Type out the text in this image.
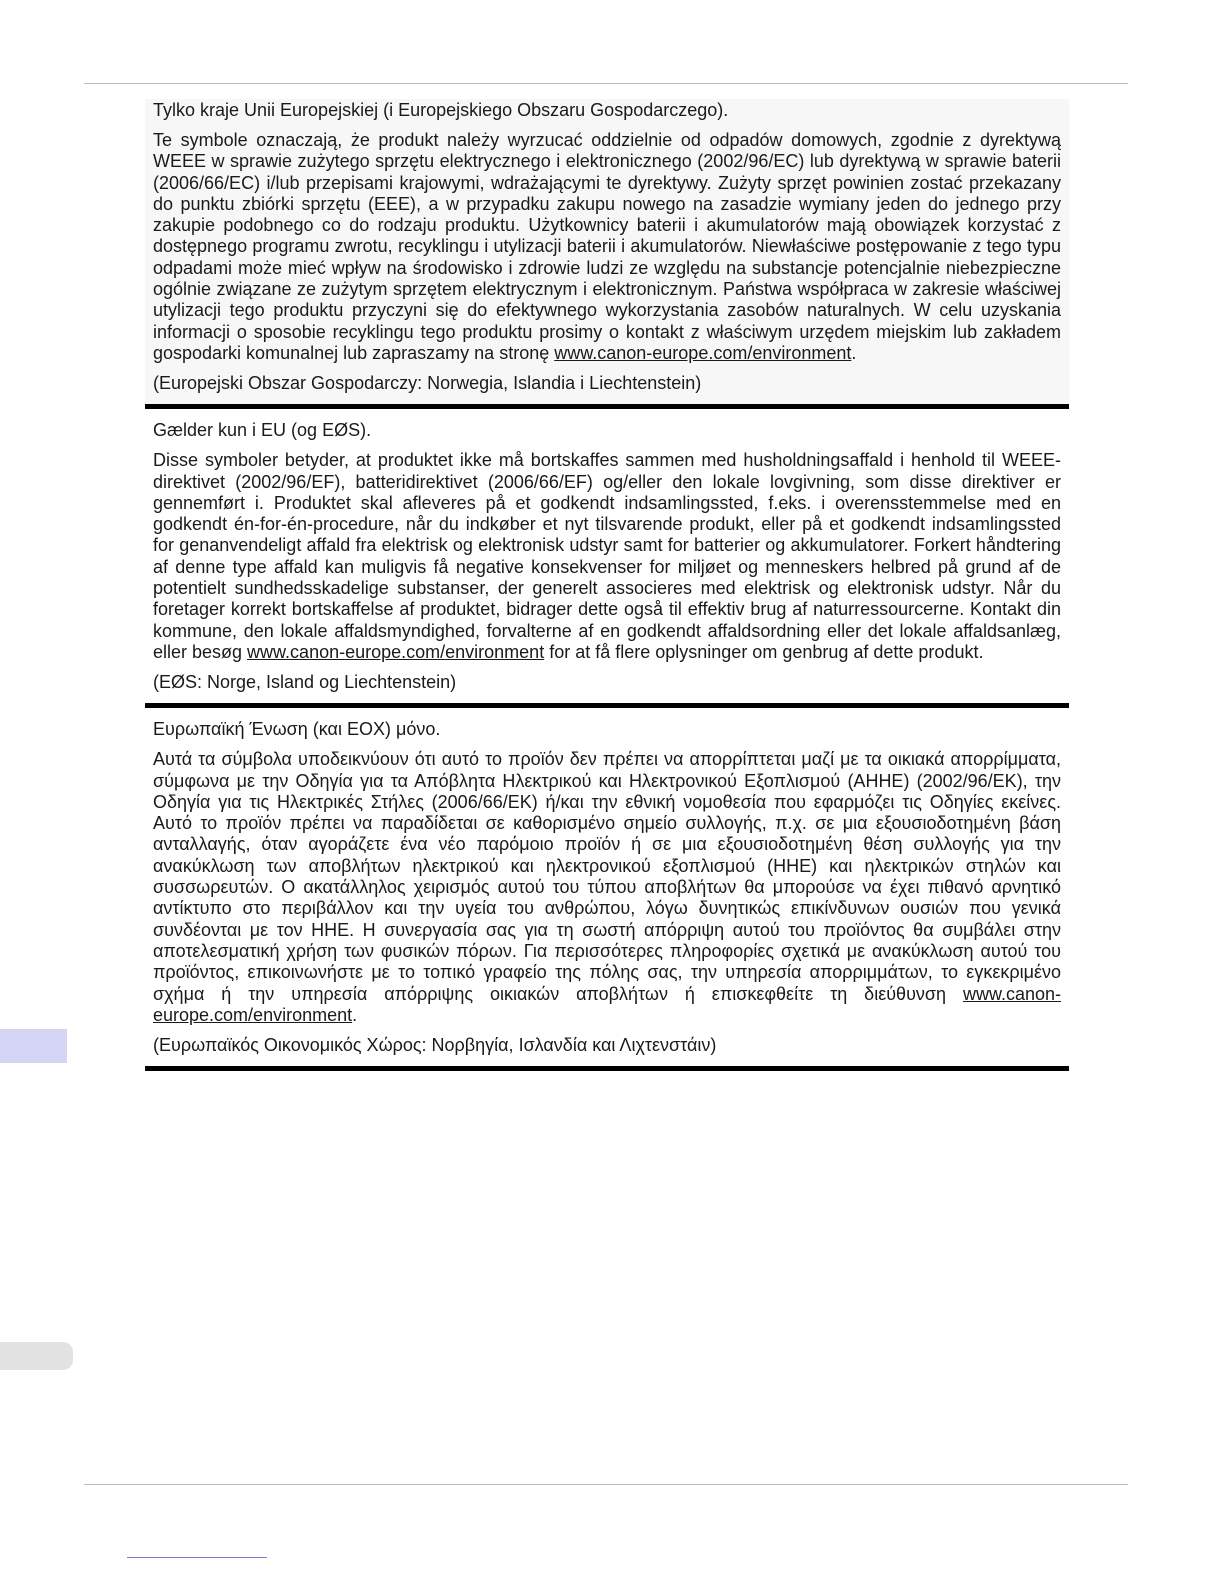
Tylko kraje Unii Europejskiej (i Europejskiego Obszaru Gospodarczego).

Te symbole oznaczają, że produkt należy wyrzucać oddzielnie od odpadów domowych, zgodnie z dyrektywą WEEE w sprawie zużytego sprzętu elektrycznego i elektronicznego (2002/96/EC) lub dyrektywą w sprawie baterii (2006/66/EC) i/lub przepisami krajowymi, wdrażającymi te dyrektywy. Zużyty sprzęt powinien zostać przekazany do punktu zbiórki sprzętu (EEE), a w przypadku zakupu nowego na zasadzie wymiany jeden do jednego przy zakupie podobnego co do rodzaju produktu. Użytkownicy baterii i akumulatorów mają obowiązek korzystać z dostępnego programu zwrotu, recyklingu i utylizacji baterii i akumulatorów. Niewłaściwe postępowanie z tego typu odpadami może mieć wpływ na środowisko i zdrowie ludzi ze względu na substancje potencjalnie niebezpieczne ogólnie związane ze zużytym sprzętem elektrycznym i elektronicznym. Państwa współpraca w zakresie właściwej utylizacji tego produktu przyczyni się do efektywnego wykorzystania zasobów naturalnych. W celu uzyskania informacji o sposobie recyklingu tego produktu prosimy o kontakt z właściwym urzędem miejskim lub zakładem gospodarki komunalnej lub zapraszamy na stronę www.canon-europe.com/environment.

(Europejski Obszar Gospodarczy: Norwegia, Islandia i Liechtenstein)

Gælder kun i EU (og EØS).

Disse symboler betyder, at produktet ikke må bortskaffes sammen med husholdningsaffald i henhold til WEEE-direktivet (2002/96/EF), batteridirektivet (2006/66/EF) og/eller den lokale lovgivning, som disse direktiver er gennemført i. Produktet skal afleveres på et godkendt indsamlingssted, f.eks. i overensstemmelse med en godkendt én-for-én-procedure, når du indkøber et nyt tilsvarende produkt, eller på et godkendt indsamlingssted for genanvendeligt affald fra elektrisk og elektronisk udstyr samt for batterier og akkumulatorer. Forkert håndtering af denne type affald kan muligvis få negative konsekvenser for miljøet og menneskers helbred på grund af de potentielt sundhedsskadelige substanser, der generelt associeres med elektrisk og elektronisk udstyr. Når du foretager korrekt bortskaffelse af produktet, bidrager dette også til effektiv brug af naturressourcerne. Kontakt din kommune, den lokale affaldsmyndighed, forvalterne af en godkendt affaldsordning eller det lokale affaldsanlæg, eller besøg www.canon-europe.com/environment for at få flere oplysninger om genbrug af dette produkt.

(EØS: Norge, Island og Liechtenstein)

Ευρωπαϊκή Ένωση (και ΕΟΧ) μόνο.

Αυτά τα σύμβολα υποδεικνύουν ότι αυτό το προϊόν δεν πρέπει να απορρίπτεται μαζί με τα οικιακά απορρίμματα, σύμφωνα με την Οδηγία για τα Απόβλητα Ηλεκτρικού και Ηλεκτρονικού Εξοπλισμού (ΑΗΗΕ) (2002/96/ΕΚ), την Οδηγία για τις Ηλεκτρικές Στήλες (2006/66/ΕΚ) ή/και την εθνική νομοθεσία που εφαρμόζει τις Οδηγίες εκείνες. Αυτό το προϊόν πρέπει να παραδίδεται σε καθορισμένο σημείο συλλογής, π.χ. σε μια εξουσιοδοτημένη βάση ανταλλαγής, όταν αγοράζετε ένα νέο παρόμοιο προϊόν ή σε μια εξουσιοδοτημένη θέση συλλογής για την ανακύκλωση των αποβλήτων ηλεκτρικού και ηλεκτρονικού εξοπλισμού (ΗΗΕ) και ηλεκτρικών στηλών και συσσωρευτών. Ο ακατάλληλος χειρισμός αυτού του τύπου αποβλήτων θα μπορούσε να έχει πιθανό αρνητικό αντίκτυπο στο περιβάλλον και την υγεία του ανθρώπου, λόγω δυνητικώς επικίνδυνων ουσιών που γενικά συνδέονται με τον ΗΗΕ. Η συνεργασία σας για τη σωστή απόρριψη αυτού του προϊόντος θα συμβάλει στην αποτελεσματική χρήση των φυσικών πόρων. Για περισσότερες πληροφορίες σχετικά με ανακύκλωση αυτού του προϊόντος, επικοινωνήστε με το τοπικό γραφείο της πόλης σας, την υπηρεσία απορριμμάτων, το εγκεκριμένο σχήμα ή την υπηρεσία απόρριψης οικιακών αποβλήτων ή επισκεφθείτε τη διεύθυνση www.canon-europe.com/environment.

(Ευρωπαϊκός Οικονομικός Χώρος: Νορβηγία, Ισλανδία και Λιχτενστάιν)
